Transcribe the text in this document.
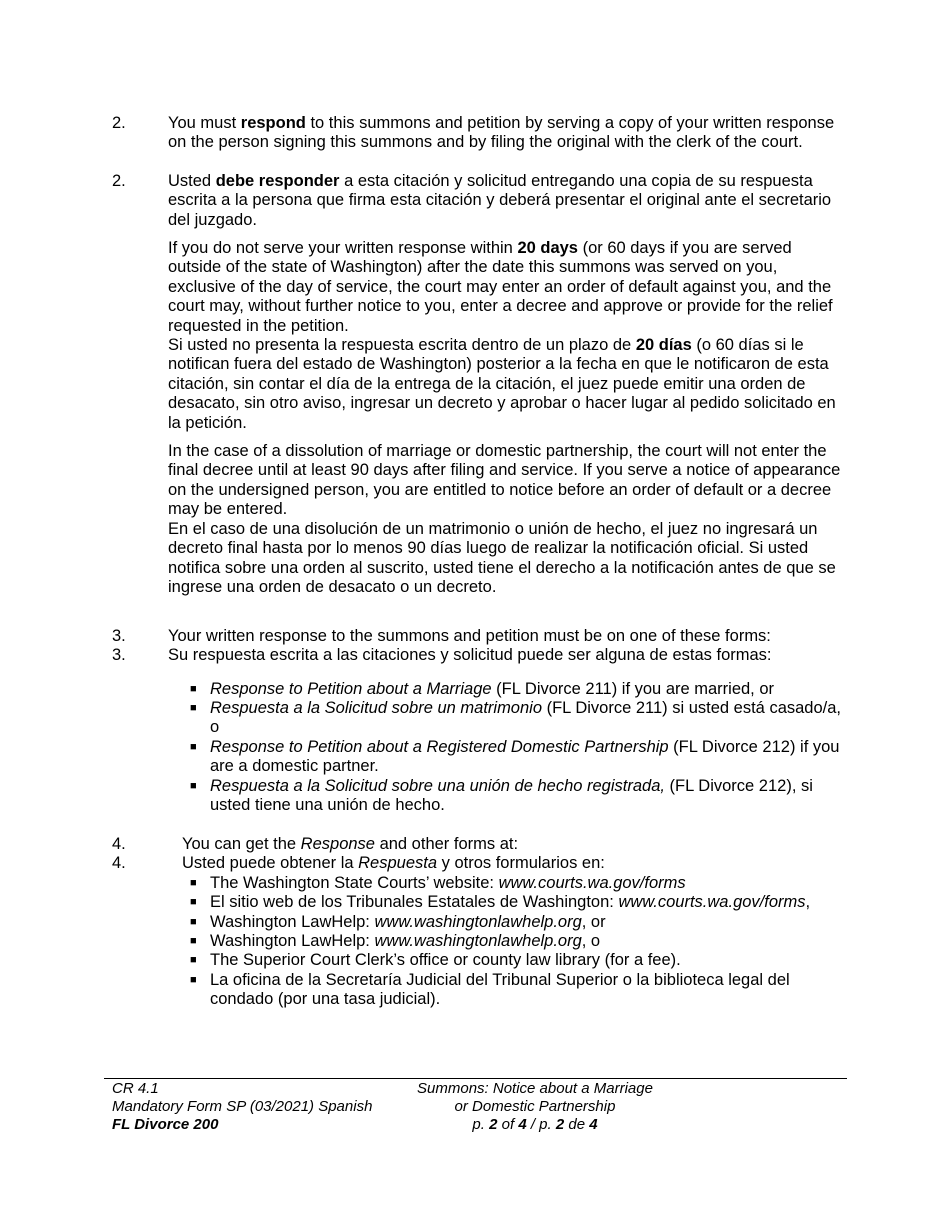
2.	You must respond to this summons and petition by serving a copy of your written response on the person signing this summons and by filing the original with the clerk of the court.
2.	Usted debe responder a esta citación y solicitud entregando una copia de su respuesta escrita a la persona que firma esta citación y deberá presentar el original ante el secretario del juzgado.
If you do not serve your written response within 20 days (or 60 days if you are served outside of the state of Washington) after the date this summons was served on you, exclusive of the day of service, the court may enter an order of default against you, and the court may, without further notice to you, enter a decree and approve or provide for the relief requested in the petition.
Si usted no presenta la respuesta escrita dentro de un plazo de 20 días (o 60 días si le notifican fuera del estado de Washington) posterior a la fecha en que le notificaron de esta citación, sin contar el día de la entrega de la citación, el juez puede emitir una orden de desacato, sin otro aviso, ingresar un decreto y aprobar o hacer lugar al pedido solicitado en la petición.
In the case of a dissolution of marriage or domestic partnership, the court will not enter the final decree until at least 90 days after filing and service. If you serve a notice of appearance on the undersigned person, you are entitled to notice before an order of default or a decree may be entered.
En el caso de una disolución de un matrimonio o unión de hecho, el juez no ingresará un decreto final hasta por lo menos 90 días luego de realizar la notificación oficial. Si usted notifica sobre una orden al suscrito, usted tiene el derecho a la notificación antes de que se ingrese una orden de desacato o un decreto.
3.	Your written response to the summons and petition must be on one of these forms:
3.	Su respuesta escrita a las citaciones y solicitud puede ser alguna de estas formas:
■ Response to Petition about a Marriage (FL Divorce 211) if you are married, or
■ Respuesta a la Solicitud sobre un matrimonio (FL Divorce 211) si usted está casado/a, o
■ Response to Petition about a Registered Domestic Partnership (FL Divorce 212) if you are a domestic partner.
■ Respuesta a la Solicitud sobre una unión de hecho registrada, (FL Divorce 212), si usted tiene una unión de hecho.
4.	You can get the Response and other forms at:
4.	Usted puede obtener la Respuesta y otros formularios en:
■ The Washington State Courts’ website: www.courts.wa.gov/forms
■ El sitio web de los Tribunales Estatales de Washington: www.courts.wa.gov/forms,
■ Washington LawHelp: www.washingtonlawhelp.org, or
■ Washington LawHelp: www.washingtonlawhelp.org, o
■ The Superior Court Clerk’s office or county law library (for a fee).
■ La oficina de la Secretaría Judicial del Tribunal Superior o la biblioteca legal del condado (por una tasa judicial).
CR 4.1
Mandatory Form SP (03/2021) Spanish
FL Divorce 200
Summons: Notice about a Marriage
or Domestic Partnership
p. 2 of 4 / p. 2 de 4
